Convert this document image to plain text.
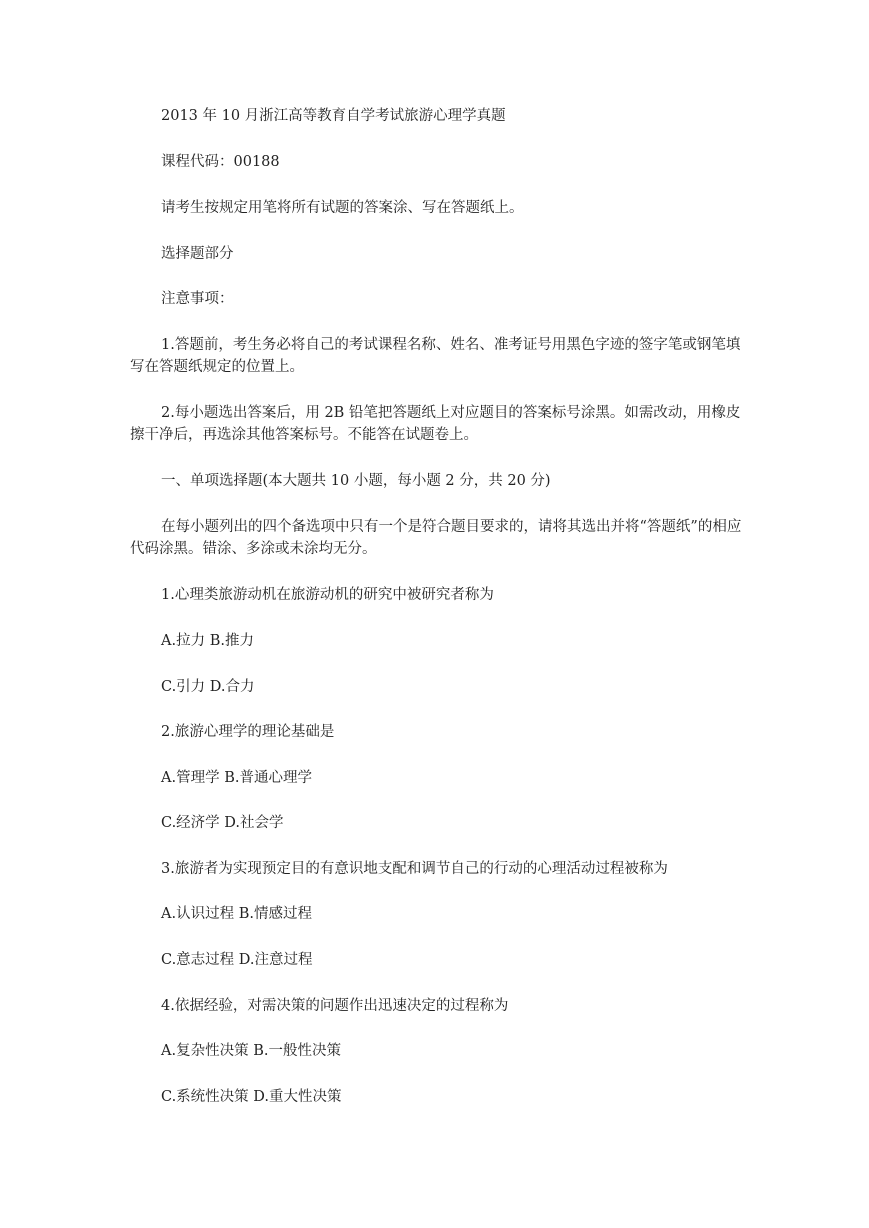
2013 年 10 月浙江高等教育自学考试旅游心理学真题

课程代码：00188

请考生按规定用笔将所有试题的答案涂、写在答题纸上。

选择题部分

注意事项：

1.答题前，考生务必将自己的考试课程名称、姓名、准考证号用黑色字迹的签字笔或钢笔填写在答题纸规定的位置上。

2.每小题选出答案后，用 2B 铅笔把答题纸上对应题目的答案标号涂黑。如需改动，用橡皮擦干净后，再选涂其他答案标号。不能答在试题卷上。

一、单项选择题(本大题共 10 小题，每小题 2 分，共 20 分)

在每小题列出的四个备选项中只有一个是符合题目要求的，请将其选出并将“答题纸”的相应代码涂黑。错涂、多涂或未涂均无分。

1.心理类旅游动机在旅游动机的研究中被研究者称为

A.拉力 B.推力

C.引力 D.合力

2.旅游心理学的理论基础是

A.管理学 B.普通心理学

C.经济学 D.社会学

3.旅游者为实现预定目的有意识地支配和调节自己的行动的心理活动过程被称为

A.认识过程 B.情感过程

C.意志过程 D.注意过程

4.依据经验，对需决策的问题作出迅速决定的过程称为

A.复杂性决策 B.一般性决策

C.系统性决策 D.重大性决策
